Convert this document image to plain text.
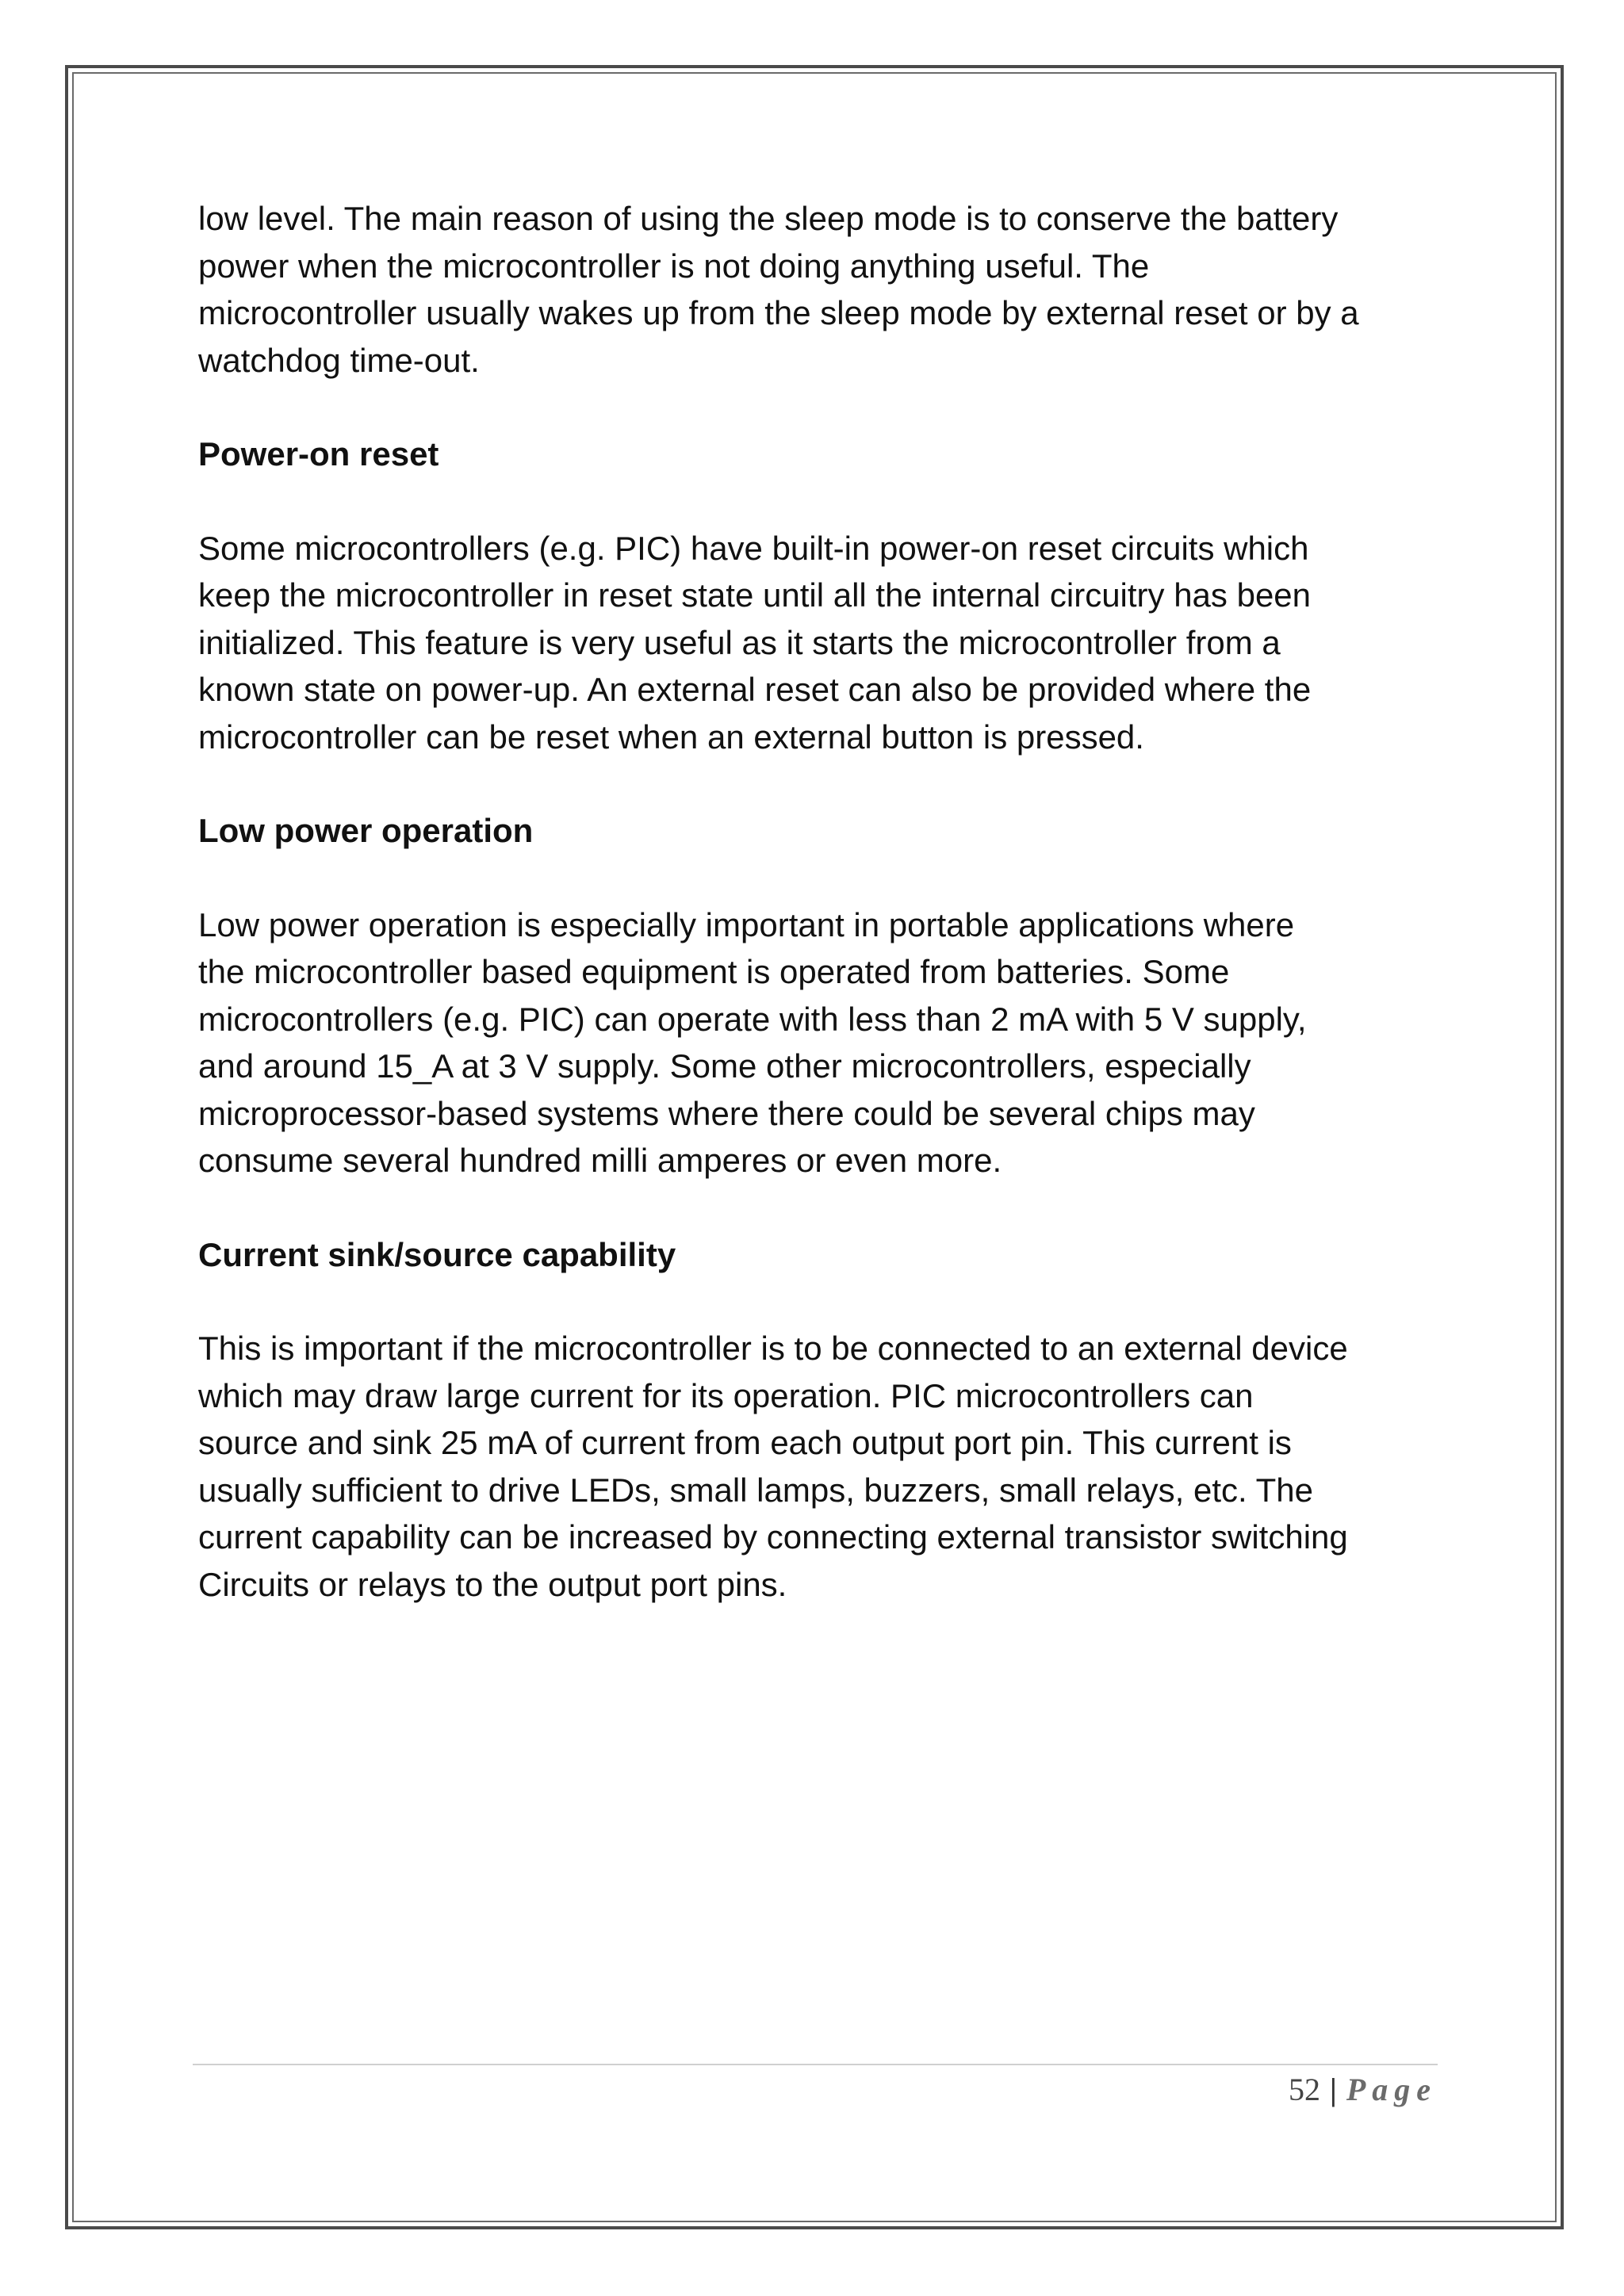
low level. The main reason of using the sleep mode is to conserve the battery
power when the microcontroller is not doing anything useful. The
microcontroller usually wakes up from the sleep mode by external reset or by a
watchdog time-out.

Power-on reset

Some microcontrollers (e.g. PIC) have built-in power-on reset circuits which
keep the microcontroller in reset state until all the internal circuitry has been
initialized. This feature is very useful as it starts the microcontroller from a
known state on power-up. An external reset can also be provided where the
microcontroller can be reset when an external button is pressed.

Low power operation

Low power operation is especially important in portable applications where
the microcontroller based equipment is operated from batteries. Some
microcontrollers (e.g. PIC) can operate with less than 2 mA with 5 V supply,
and around 15_A at 3 V supply. Some other microcontrollers, especially
microprocessor-based systems where there could be several chips may
consume several hundred milli amperes or even more.

Current sink/source capability

This is important if the microcontroller is to be connected to an external device
which may draw large current for its operation. PIC microcontrollers can
source and sink 25 mA of current from each output port pin. This current is
usually sufficient to drive LEDs, small lamps, buzzers, small relays, etc. The
current capability can be increased by connecting external transistor switching
Circuits or relays to the output port pins.

52 | Page
